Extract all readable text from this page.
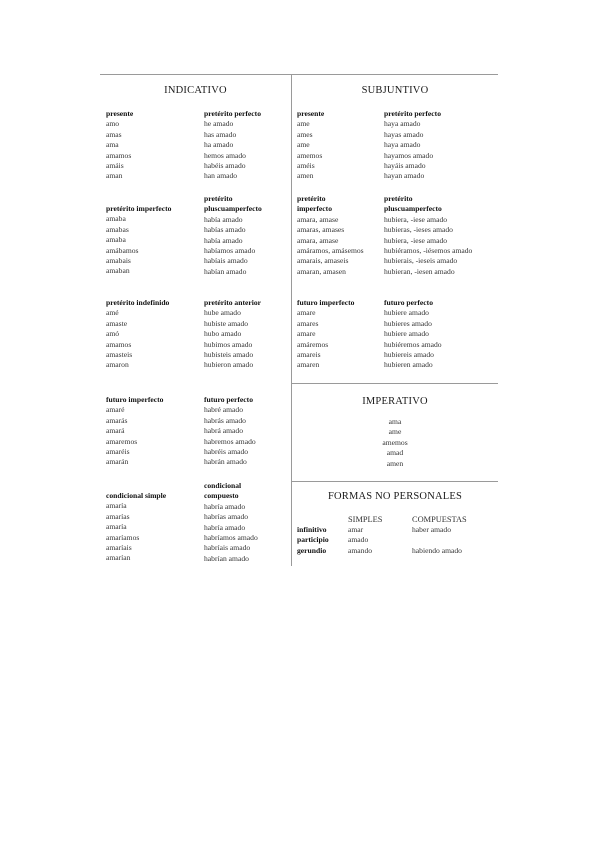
INDICATIVO	SUBJUNTIVO
IMPERATIVO
FORMAS NO PERSONALES
presente
amo
amas
ama
amamos
amáis
aman
pretérito perfecto
he amado
has amado
ha amado
hemos amado
habéis amado
han amado
pretérito imperfecto
amaba
amabas
amaba
amábamos
amabais
amaban
pretérito
pluscuamperfecto
había amado
habías amado
había amado
habíamos amado
habíais amado
habían amado
pretérito indefinido
amé
amaste
amó
amamos
amasteis
amaron
pretérito anterior
hube amado
hubiste amado
hubo amado
hubimos amado
hubisteis amado
hubieron amado
futuro imperfecto
amaré
amarás
amará
amaremos
amaréis
amarán
futuro perfecto
habré amado
habrás amado
habrá amado
habremos amado
habréis amado
habrán amado
condicional simple
amaría
amarías
amaría
amaríamos
amaríais
amarían
condicional
compuesto
habría amado
habrías amado
habría amado
habríamos amado
habríais amado
habrían amado
presente
ame
ames
ame
amemos
améis
amen
pretérito perfecto
haya amado
hayas amado
haya amado
hayamos amado
hayáis amado
hayan amado
pretérito
imperfecto
amara, amase
amaras, amases
amara, amase
amáramos, amásemos
amarais, amaseis
amaran, amasen
pretérito
pluscuamperfecto
hubiera, -iese amado
hubieras, -ieses amado
hubiera, -iese amado
hubiéramos, -iésemos amado
hubierais, -ieseis amado
hubieran, -iesen amado
futuro imperfecto
amare
amares
amare
amáremos
amareis
amaren
futuro perfecto
hubiere amado
hubieres amado
hubiere amado
hubiéremos amado
hubiereis amado
hubieren amado
ama
ame
amemos
amad
amen
SIMPLES	COMPUESTAS
infinitivo
participio
gerundio
amar
amado
amando
haber amado
habiendo amado
